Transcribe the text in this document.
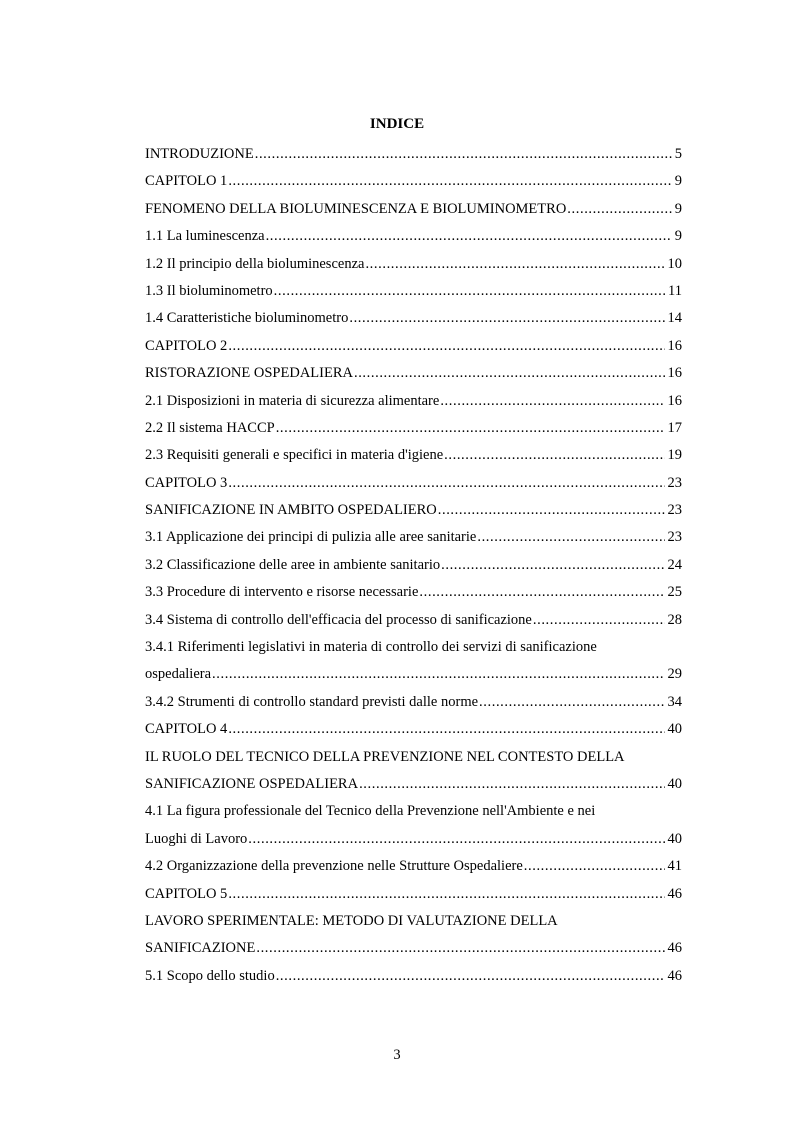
INDICE
INTRODUZIONE .....	5
CAPITOLO 1 .....	9
FENOMENO DELLA BIOLUMINESCENZA E BIOLUMINOMETRO .....	9
1.1 La luminescenza .....	9
1.2 Il principio della bioluminescenza .....	10
1.3 Il bioluminometro .....	11
1.4 Caratteristiche bioluminometro .....	14
CAPITOLO 2 .....	16
RISTORAZIONE OSPEDALIERA .....	16
2.1 Disposizioni in materia di sicurezza alimentare .....	16
2.2 Il sistema HACCP .....	17
2.3 Requisiti generali e specifici in materia d'igiene .....	19
CAPITOLO 3 .....	23
SANIFICAZIONE IN AMBITO OSPEDALIERO .....	23
3.1 Applicazione dei principi di pulizia alle aree sanitarie .....	23
3.2 Classificazione delle aree in ambiente sanitario .....	24
3.3 Procedure di intervento e risorse necessarie .....	25
3.4 Sistema di controllo dell'efficacia del processo di sanificazione .....	28
3.4.1 Riferimenti legislativi in materia di controllo dei servizi di sanificazione
ospedaliera .....	29
3.4.2 Strumenti di controllo standard previsti dalle norme .....	34
CAPITOLO 4 .....	40
IL RUOLO DEL TECNICO DELLA PREVENZIONE NEL CONTESTO DELLA
SANIFICAZIONE OSPEDALIERA .....	40
4.1 La figura professionale del Tecnico della Prevenzione nell'Ambiente e nei
Luoghi di Lavoro .....	40
4.2 Organizzazione della prevenzione nelle Strutture Ospedaliere .....	41
CAPITOLO 5 .....	46
LAVORO SPERIMENTALE: METODO DI VALUTAZIONE DELLA
SANIFICAZIONE .....	46
5.1 Scopo dello studio .....	46
3
